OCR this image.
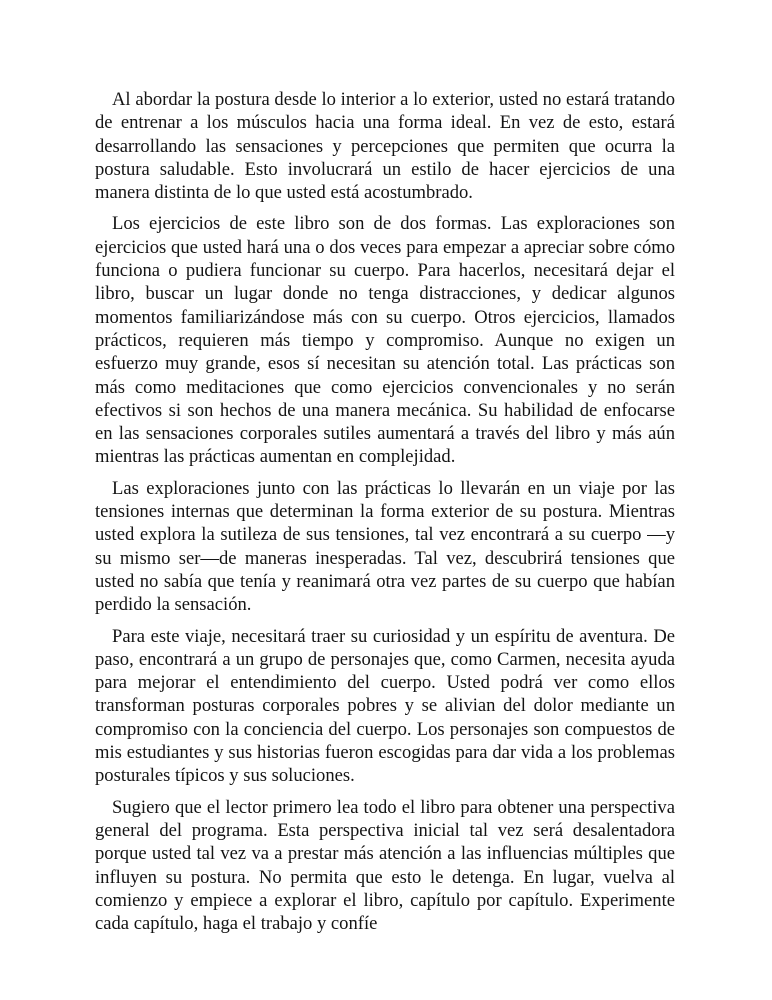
Al abordar la postura desde lo interior a lo exterior, usted no estará tratando de entrenar a los músculos hacia una forma ideal. En vez de esto, estará desarrollando las sensaciones y percepciones que permiten que ocurra la postura saludable. Esto involucrará un estilo de hacer ejercicios de una manera distinta de lo que usted está acostumbrado.

Los ejercicios de este libro son de dos formas. Las exploraciones son ejercicios que usted hará una o dos veces para empezar a apreciar sobre cómo funciona o pudiera funcionar su cuerpo. Para hacerlos, necesitará dejar el libro, buscar un lugar donde no tenga distracciones, y dedicar algunos momentos familiarizándose más con su cuerpo. Otros ejercicios, llamados prácticos, requieren más tiempo y compromiso. Aunque no exigen un esfuerzo muy grande, esos sí necesitan su atención total. Las prácticas son más como meditaciones que como ejercicios convencionales y no serán efectivos si son hechos de una manera mecánica. Su habilidad de enfocarse en las sensaciones corporales sutiles aumentará a través del libro y más aún mientras las prácticas aumentan en complejidad.

Las exploraciones junto con las prácticas lo llevarán en un viaje por las tensiones internas que determinan la forma exterior de su postura. Mientras usted explora la sutileza de sus tensiones, tal vez encontrará a su cuerpo —y su mismo ser—de maneras inesperadas. Tal vez, descubrirá tensiones que usted no sabía que tenía y reanimará otra vez partes de su cuerpo que habían perdido la sensación.

Para este viaje, necesitará traer su curiosidad y un espíritu de aventura. De paso, encontrará a un grupo de personajes que, como Carmen, necesita ayuda para mejorar el entendimiento del cuerpo. Usted podrá ver como ellos transforman posturas corporales pobres y se alivian del dolor mediante un compromiso con la conciencia del cuerpo. Los personajes son compuestos de mis estudiantes y sus historias fueron escogidas para dar vida a los problemas posturales típicos y sus soluciones.

Sugiero que el lector primero lea todo el libro para obtener una perspectiva general del programa. Esta perspectiva inicial tal vez será desalentadora porque usted tal vez va a prestar más atención a las influencias múltiples que influyen su postura. No permita que esto le detenga. En lugar, vuelva al comienzo y empiece a explorar el libro, capítulo por capítulo. Experimente cada capítulo, haga el trabajo y confíe
